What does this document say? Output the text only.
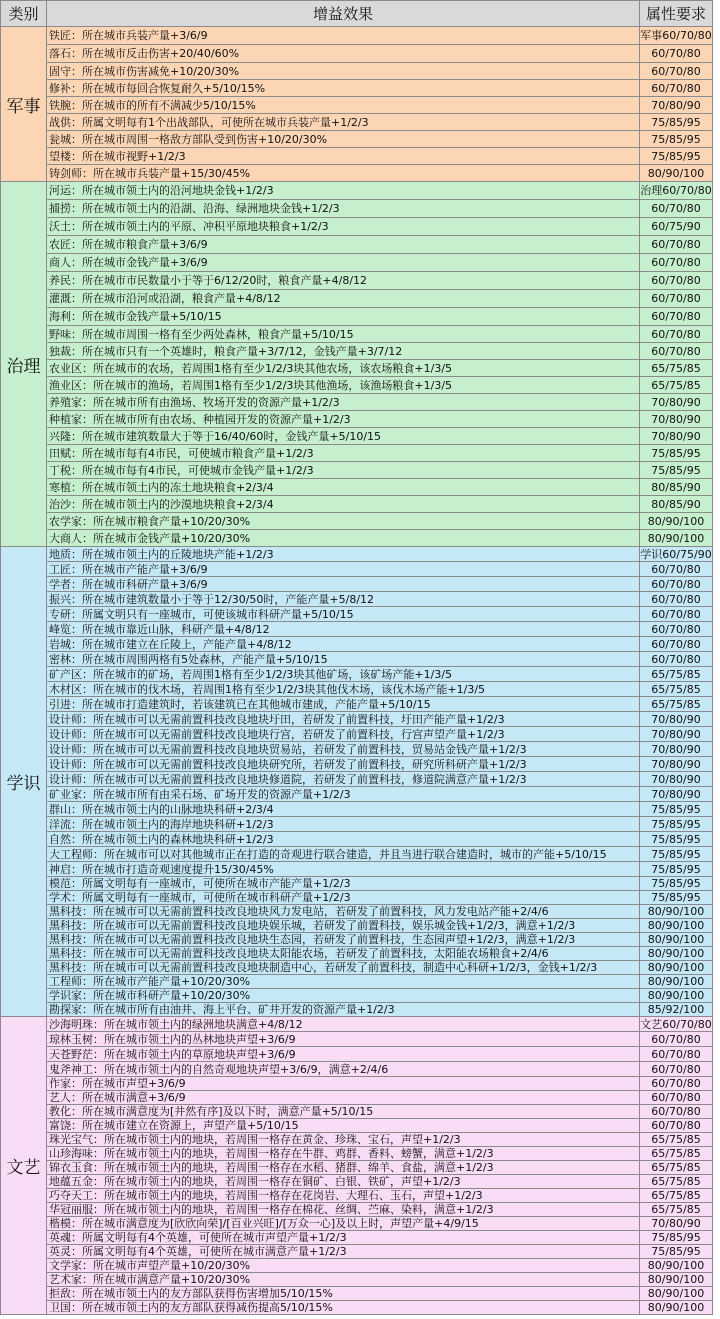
类别	增益效果	属性要求
军事	铁匠：所在城市兵装产量+3/6/9	军事60/70/80
	落石：所在城市反击伤害+20/40/60%	60/70/80
	固守：所在城市伤害减免+10/20/30%	60/70/80
	修补：所在城市每回合恢复耐久+5/10/15%	60/70/80
	铁腕：所在城市的所有不满减少5/10/15%	70/80/90
	战供：所属文明每有1个出战部队，可使所在城市兵装产量+1/2/3	75/85/95
	瓮城：所在城市周围一格敌方部队受到伤害+10/20/30%	75/85/95
	望楼：所在城市视野+1/2/3	75/85/95
	铸剑师：所在城市兵装产量+15/30/45%	80/90/100
治理	河运：所在城市领土内的沿河地块金钱+1/2/3	治理60/70/80
	捕捞：所在城市领土内的沿湖、沿海、绿洲地块金钱+1/2/3	60/70/80
	沃土：所在城市领土内的平原、冲积平原地块粮食+1/2/3	60/75/90
	农匠：所在城市粮食产量+3/6/9	60/70/80
	商人：所在城市金钱产量+3/6/9	60/70/80
	养民：所在城市市民数量小于等于6/12/20时，粮食产量+4/8/12	60/70/80
	灌溉：所在城市沿河或沿湖，粮食产量+4/8/12	60/70/80
	海利：所在城市金钱产量+5/10/15	60/70/80
	野味：所在城市周围一格有至少两处森林，粮食产量+5/10/15	60/70/80
	独裁：所在城市只有一个英雄时，粮食产量+3/7/12，金钱产量+3/7/12	60/70/80
	农业区：所在城市的农场，若周围1格有至少1/2/3块其他农场，该农场粮食+1/3/5	65/75/85
	渔业区：所在城市的渔场，若周围1格有至少1/2/3块其他渔场，该渔场粮食+1/3/5	65/75/85
	养殖家：所在城市所有由渔场、牧场开发的资源产量+1/2/3	70/80/90
	种植家：所在城市所有由农场、种植园开发的资源产量+1/2/3	70/80/90
	兴隆：所在城市建筑数量大于等于16/40/60时，金钱产量+5/10/15	70/80/90
	田赋：所在城市每有4市民，可使城市粮食产量+1/2/3	75/85/95
	丁税：所在城市每有4市民，可使城市金钱产量+1/2/3	75/85/95
	寒植：所在城市领土内的冻土地块粮食+2/3/4	80/85/90
	治沙：所在城市领土内的沙漠地块粮食+2/3/4	80/85/90
	农学家：所在城市粮食产量+10/20/30%	80/90/100
	大商人：所在城市金钱产量+10/20/30%	80/90/100
学识	地质：所在城市领土内的丘陵地块产能+1/2/3	学识60/75/90
	工匠：所在城市产能产量+3/6/9	60/70/80
	学者：所在城市科研产量+3/6/9	60/70/80
	振兴：所在城市建筑数量小于等于12/30/50时，产能产量+5/8/12	60/70/80
	专研：所属文明只有一座城市，可使该城市科研产量+5/10/15	60/70/80
	峰览：所在城市靠近山脉，科研产量+4/8/12	60/70/80
	岩城：所在城市建立在丘陵上，产能产量+4/8/12	60/70/80
	密林：所在城市周围两格有5处森林，产能产量+5/10/15	60/70/80
	矿产区：所在城市的矿场，若周围1格有至少1/2/3块其他矿场，该矿场产能+1/3/5	65/75/85
	木材区：所在城市的伐木场，若周围1格有至少1/2/3块其他伐木场，该伐木场产能+1/3/5	65/75/85
	引进：所在城市打造建筑时，若该建筑已在其他城市建成，产能产量+5/10/15	65/75/85
	设计师：所在城市可以无需前置科技改良地块圩田，若研发了前置科技，圩田产能产量+1/2/3	70/80/90
	设计师：所在城市可以无需前置科技改良地块行宫，若研发了前置科技，行宫声望产量+1/2/3	70/80/90
	设计师：所在城市可以无需前置科技改良地块贸易站，若研发了前置科技，贸易站金钱产量+1/2/3	70/80/90
	设计师：所在城市可以无需前置科技改良地块研究所，若研发了前置科技，研究所科研产量+1/2/3	70/80/90
	设计师：所在城市可以无需前置科技改良地块修道院，若研发了前置科技，修道院满意产量+1/2/3	70/80/90
	矿业家：所在城市所有由采石场、矿场开发的资源产量+1/2/3	70/80/90
	群山：所在城市领土内的山脉地块科研+2/3/4	75/85/95
	洋流：所在城市领土内的海岸地块科研+1/2/3	75/85/95
	自然：所在城市领土内的森林地块科研+1/2/3	75/85/95
	大工程师：所在城市可以对其他城市正在打造的奇观进行联合建造，并且当进行联合建造时，城市的产能+5/10/15	75/85/95
	神启：所在城市打造奇观速度提升15/30/45%	75/85/95
	模范：所属文明每有一座城市，可使所在城市产能产量+1/2/3	75/85/95
	学术：所属文明每有一座城市，可使所在城市科研产量+1/2/3	75/85/95
	黑科技：所在城市可以无需前置科技改良地块风力发电站，若研发了前置科技，风力发电站产能+2/4/6	80/90/100
	黑科技：所在城市可以无需前置科技改良地块娱乐城，若研发了前置科技，娱乐城金钱+1/2/3，满意+1/2/3	80/90/100
	黑科技：所在城市可以无需前置科技改良地块生态园，若研发了前置科技，生态园声望+1/2/3，满意+1/2/3	80/90/100
	黑科技：所在城市可以无需前置科技改良地块太阳能农场，若研发了前置科技，太阳能农场粮食+2/4/6	80/90/100
	黑科技：所在城市可以无需前置科技改良地块制造中心，若研发了前置科技，制造中心科研+1/2/3，金钱+1/2/3	80/90/100
	工程师：所在城市产能产量+10/20/30%	80/90/100
	学识家：所在城市科研产量+10/20/30%	80/90/100
	勘探家：所在城市所有由油井、海上平台、矿井开发的资源产量+1/2/3	85/92/100
文艺	沙海明珠：所在城市领土内的绿洲地块满意+4/8/12	文艺60/70/80
	琼林玉树：所在城市领土内的丛林地块声望+3/6/9	60/70/80
	天苍野茫：所在城市领土内的草原地块声望+3/6/9	60/70/80
	鬼斧神工：所在城市领土内的自然奇观地块声望+3/6/9，满意+2/4/6	60/70/80
	作家：所在城市声望+3/6/9	60/70/80
	艺人：所在城市满意+3/6/9	60/70/80
	教化：所在城市满意度为[井然有序]及以下时，满意产量+5/10/15	60/70/80
	富饶：所在城市建立在资源上，声望产量+5/10/15	60/70/80
	珠光宝气：所在城市领土内的地块，若周围一格存在黄金、珍珠、宝石，声望+1/2/3	65/75/85
	山珍海味：所在城市领土内的地块，若周围一格存在牛群、鸡群、香料、螃蟹，满意+1/2/3	65/75/85
	锦衣玉食：所在城市领土内的地块，若周围一格存在水稻、猪群、绵羊、食盐，满意+1/2/3	65/75/85
	地蕴五金：所在城市领土内的地块，若周围一格存在铜矿、白银、铁矿，声望+1/2/3	65/75/85
	巧夺天工：所在城市领土内的地块，若周围一格存在花岗岩、大理石、玉石，声望+1/2/3	65/75/85
	华冠丽服：所在城市领土内的地块，若周围一格存在棉花、丝绸、苎麻、染料，满意+1/2/3	65/75/85
	楷模：所在城市满意度为[欣欣向荣]/[百业兴旺]/[万众一心]及以上时，声望产量+4/9/15	70/80/90
	英魂：所属文明每有4个英雄，可使所在城市声望产量+1/2/3	75/85/95
	英灵：所属文明每有4个英雄，可使所在城市满意产量+1/2/3	75/85/95
	文学家：所在城市声望产量+10/20/30%	80/90/100
	艺术家：所在城市满意产量+10/20/30%	80/90/100
	拒敌：所在城市领土内的友方部队获得伤害增加5/10/15%	80/90/100
	卫国：所在城市领土内的友方部队获得减伤提高5/10/15%	80/90/100
